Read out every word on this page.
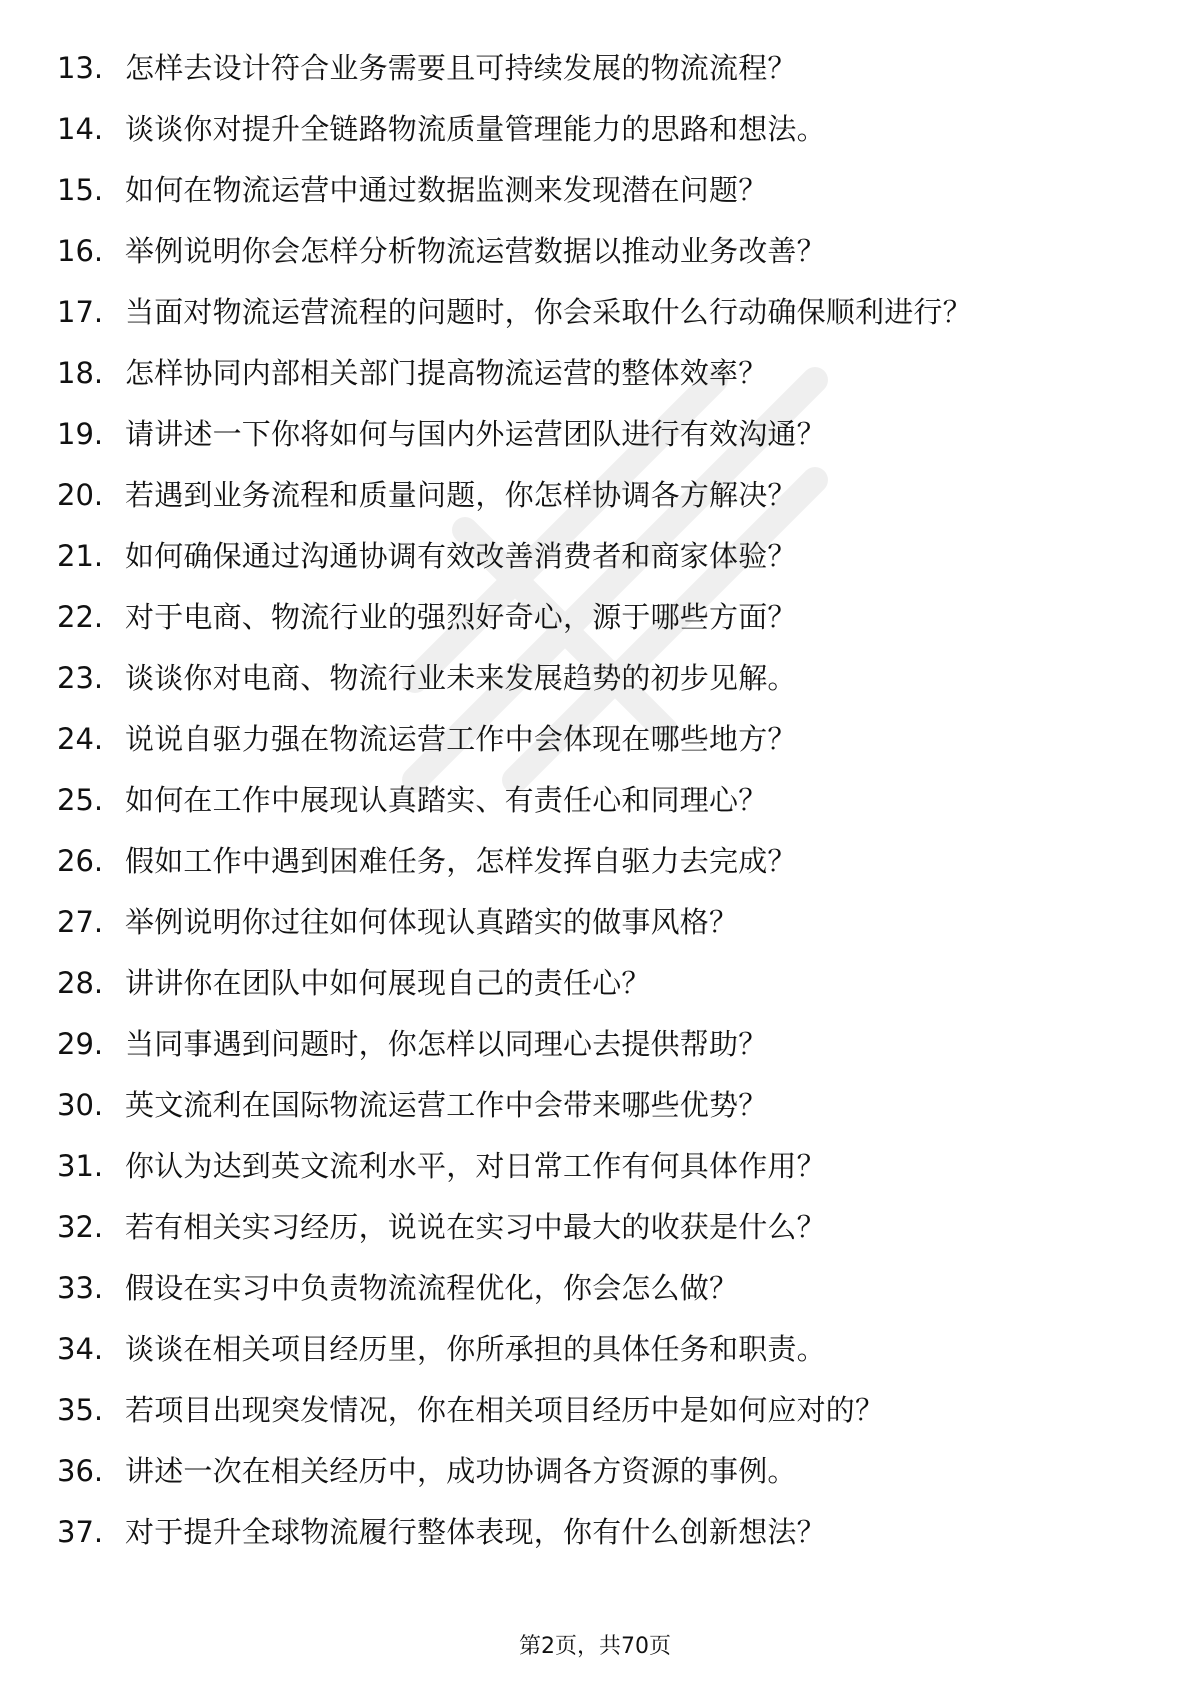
13. 怎样去设计符合业务需要且可持续发展的物流流程？
14. 谈谈你对提升全链路物流质量管理能力的思路和想法。
15. 如何在物流运营中通过数据监测来发现潜在问题？
16. 举例说明你会怎样分析物流运营数据以推动业务改善？
17. 当面对物流运营流程的问题时，你会采取什么行动确保顺利进行？
18. 怎样协同内部相关部门提高物流运营的整体效率？
19. 请讲述一下你将如何与国内外运营团队进行有效沟通？
20. 若遇到业务流程和质量问题，你怎样协调各方解决？
21. 如何确保通过沟通协调有效改善消费者和商家体验？
22. 对于电商、物流行业的强烈好奇心，源于哪些方面？
23. 谈谈你对电商、物流行业未来发展趋势的初步见解。
24. 说说自驱力强在物流运营工作中会体现在哪些地方？
25. 如何在工作中展现认真踏实、有责任心和同理心？
26. 假如工作中遇到困难任务，怎样发挥自驱力去完成？
27. 举例说明你过往如何体现认真踏实的做事风格？
28. 讲讲你在团队中如何展现自己的责任心？
29. 当同事遇到问题时，你怎样以同理心去提供帮助？
30. 英文流利在国际物流运营工作中会带来哪些优势？
31. 你认为达到英文流利水平，对日常工作有何具体作用？
32. 若有相关实习经历，说说在实习中最大的收获是什么？
33. 假设在实习中负责物流流程优化，你会怎么做？
34. 谈谈在相关项目经历里，你所承担的具体任务和职责。
35. 若项目出现突发情况，你在相关项目经历中是如何应对的？
36. 讲述一次在相关经历中，成功协调各方资源的事例。
37. 对于提升全球物流履行整体表现，你有什么创新想法？
第2页，共70页
